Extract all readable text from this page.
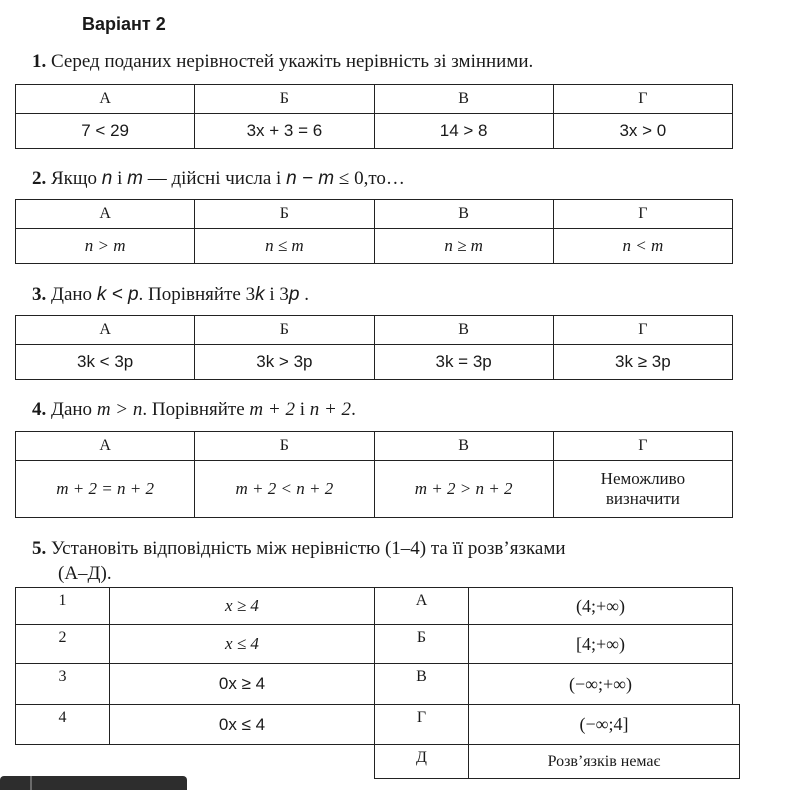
Варіант 2
1. Серед поданих нерівностей укажіть нерівність зі змінними.
А	Б	В	Г
7 < 29	3x + 3 = 6	14 > 8	3x > 0
2. Якщо n і m — дійсні числа і n − m ≤ 0,то…
А	Б	В	Г
n > m	n ≤ m	n ≥ m	n < m
3. Дано k < p. Порівняйте 3k і 3p .
А	Б	В	Г
3k < 3p	3k > 3p	3k = 3p	3k ≥ 3p
4. Дано m > n. Порівняйте m + 2 і n + 2.
А	Б	В	Г
m + 2 = n + 2	m + 2 < n + 2	m + 2 > n + 2	Неможливо
визначити
5. Установіть відповідність між нерівністю (1–4) та її розв’язками
(А–Д).
1	x ≥ 4
2	x ≤ 4
3	0x ≥ 4
4	0x ≤ 4
А	(4;+∞)
Б	[4;+∞)
В	(−∞;+∞)
Г	(−∞;4]
Д	Розв’язків немає
